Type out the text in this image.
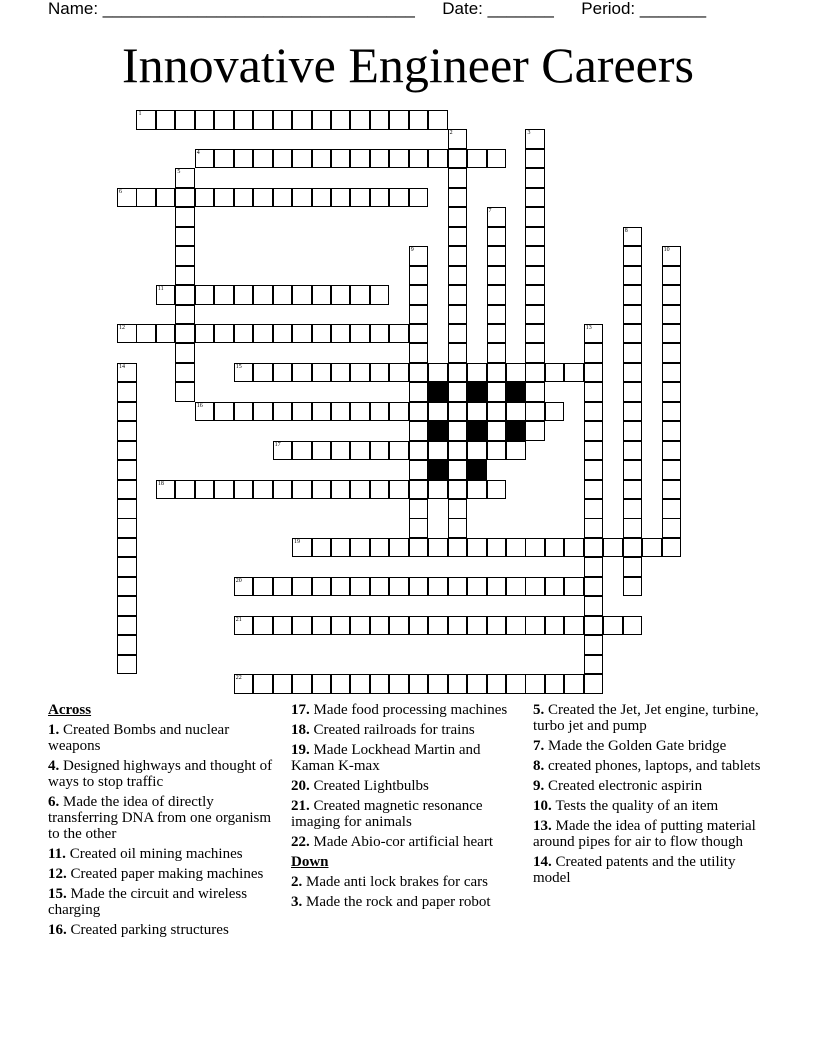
Name: _________________________________ Date: _______ Period: _______
Innovative Engineer Careers
1
2	3
4
5
6
7
8
9	10
11
12	13
14	15
16
17
18
19
20
21
22
Across

1. Created Bombs and nuclear weapons

4. Designed highways and thought of ways to stop traffic

6. Made the idea of directly transferring DNA from one organism to the other

11. Created oil mining machines

12. Created paper making machines

15. Made the circuit and wireless charging

16. Created parking structures

17. Made food processing machines

18. Created railroads for trains

19. Made Lockhead Martin and Kaman K-max

20. Created Lightbulbs

21. Created magnetic resonance imaging for animals

22. Made Abio-cor artificial heart

Down

2. Made anti lock brakes for cars

3. Made the rock and paper robot

5. Created the Jet, Jet engine, turbine, turbo jet and pump

7. Made the Golden Gate bridge

8. created phones, laptops, and tablets

9. Created electronic aspirin

10. Tests the quality of an item

13. Made the idea of putting material around pipes for air to flow though

14. Created patents and the utility model
